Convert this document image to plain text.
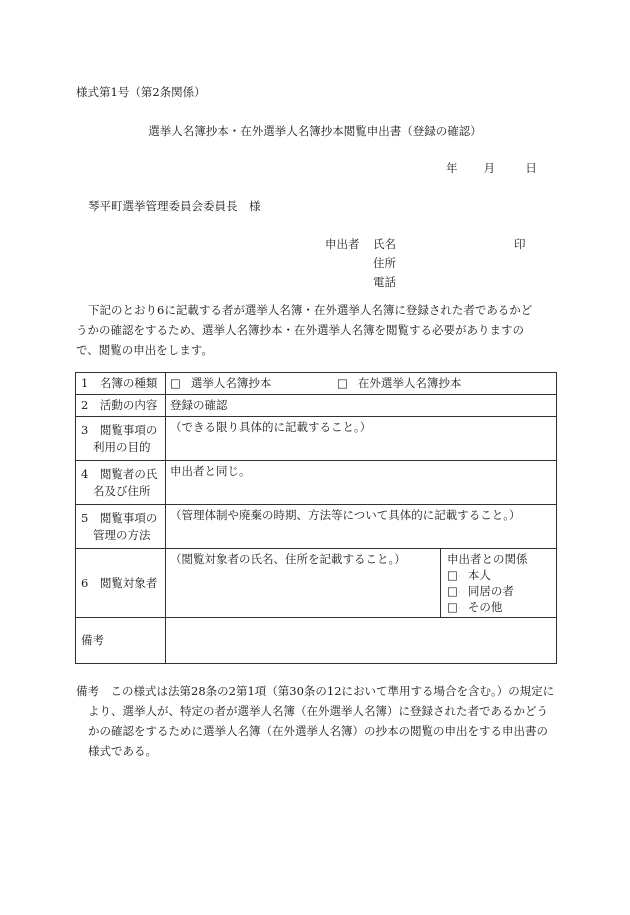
様式第1号（第2条関係）
選挙人名簿抄本・在外選挙人名簿抄本閲覧申出書（登録の確認）
年 月	日
琴平町選挙管理委員会委員長　様
申出者 氏名	印
住所
電話
下記のとおり6に記載する者が選挙人名簿・在外選挙人名簿に登録された者であるかど
うかの確認をするため、選挙人名簿抄本・在外選挙人名簿を閲覧する必要がありますの
で、閲覧の申出をします。
1　名簿の種類	□ 選挙人名簿抄本 □ 在外選挙人名簿抄本	
2　活動の内容	登録の確認	

3　閲覧事項の
利用の目的	（できる限り具体的に記載すること。）	

4　閲覧者の氏
名及び住所	申出者と同じ。	

5　閲覧事項の
管理の方法	（管理体制や廃棄の時期、方法等について具体的に記載すること。）	
6　閲覧対象者	（閲覧対象者の氏名、住所を記載すること。）	申出者との関係
□ 本人
□ 同居の者
□ その他

備考		
備考　 この様式は法第28条の2第1項（第30条の12において準用する場合を含む。）の規定に
より、選挙人が、特定の者が選挙人名簿（在外選挙人名簿）に登録された者であるかどう
かの確認をするために選挙人名簿（在外選挙人名簿）の抄本の閲覧の申出をする申出書の
様式である。
